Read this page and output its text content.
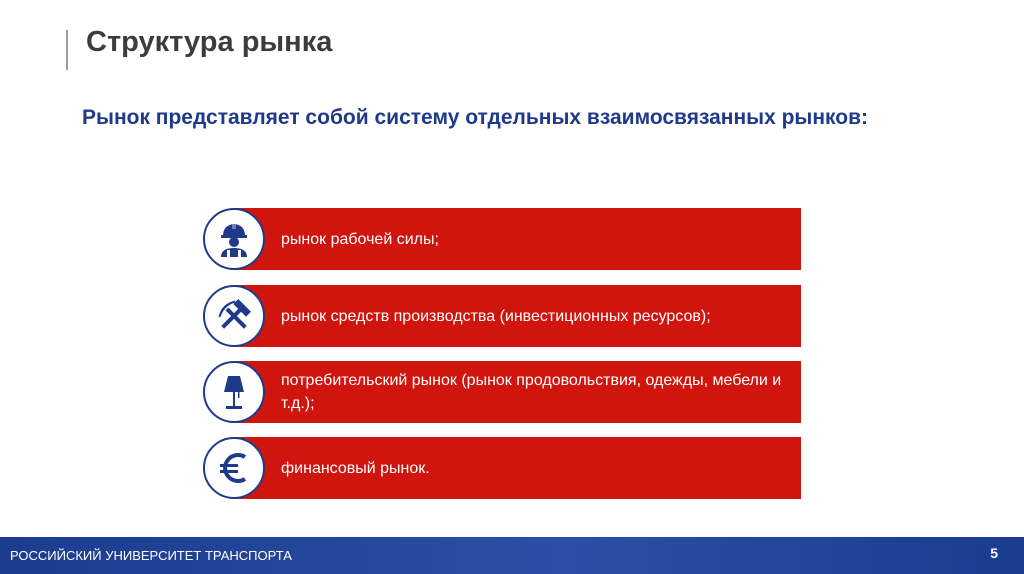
Структура рынка
Рынок представляет собой систему отдельных взаимосвязанных рынков:
рынок рабочей силы;
рынок средств производства (инвестиционных ресурсов);
потребительский рынок (рынок продовольствия, одежды, мебели и т.д.);
финансовый рынок.
РОССИЙСКИЙ УНИВЕРСИТЕТ ТРАНСПОРТА	5
